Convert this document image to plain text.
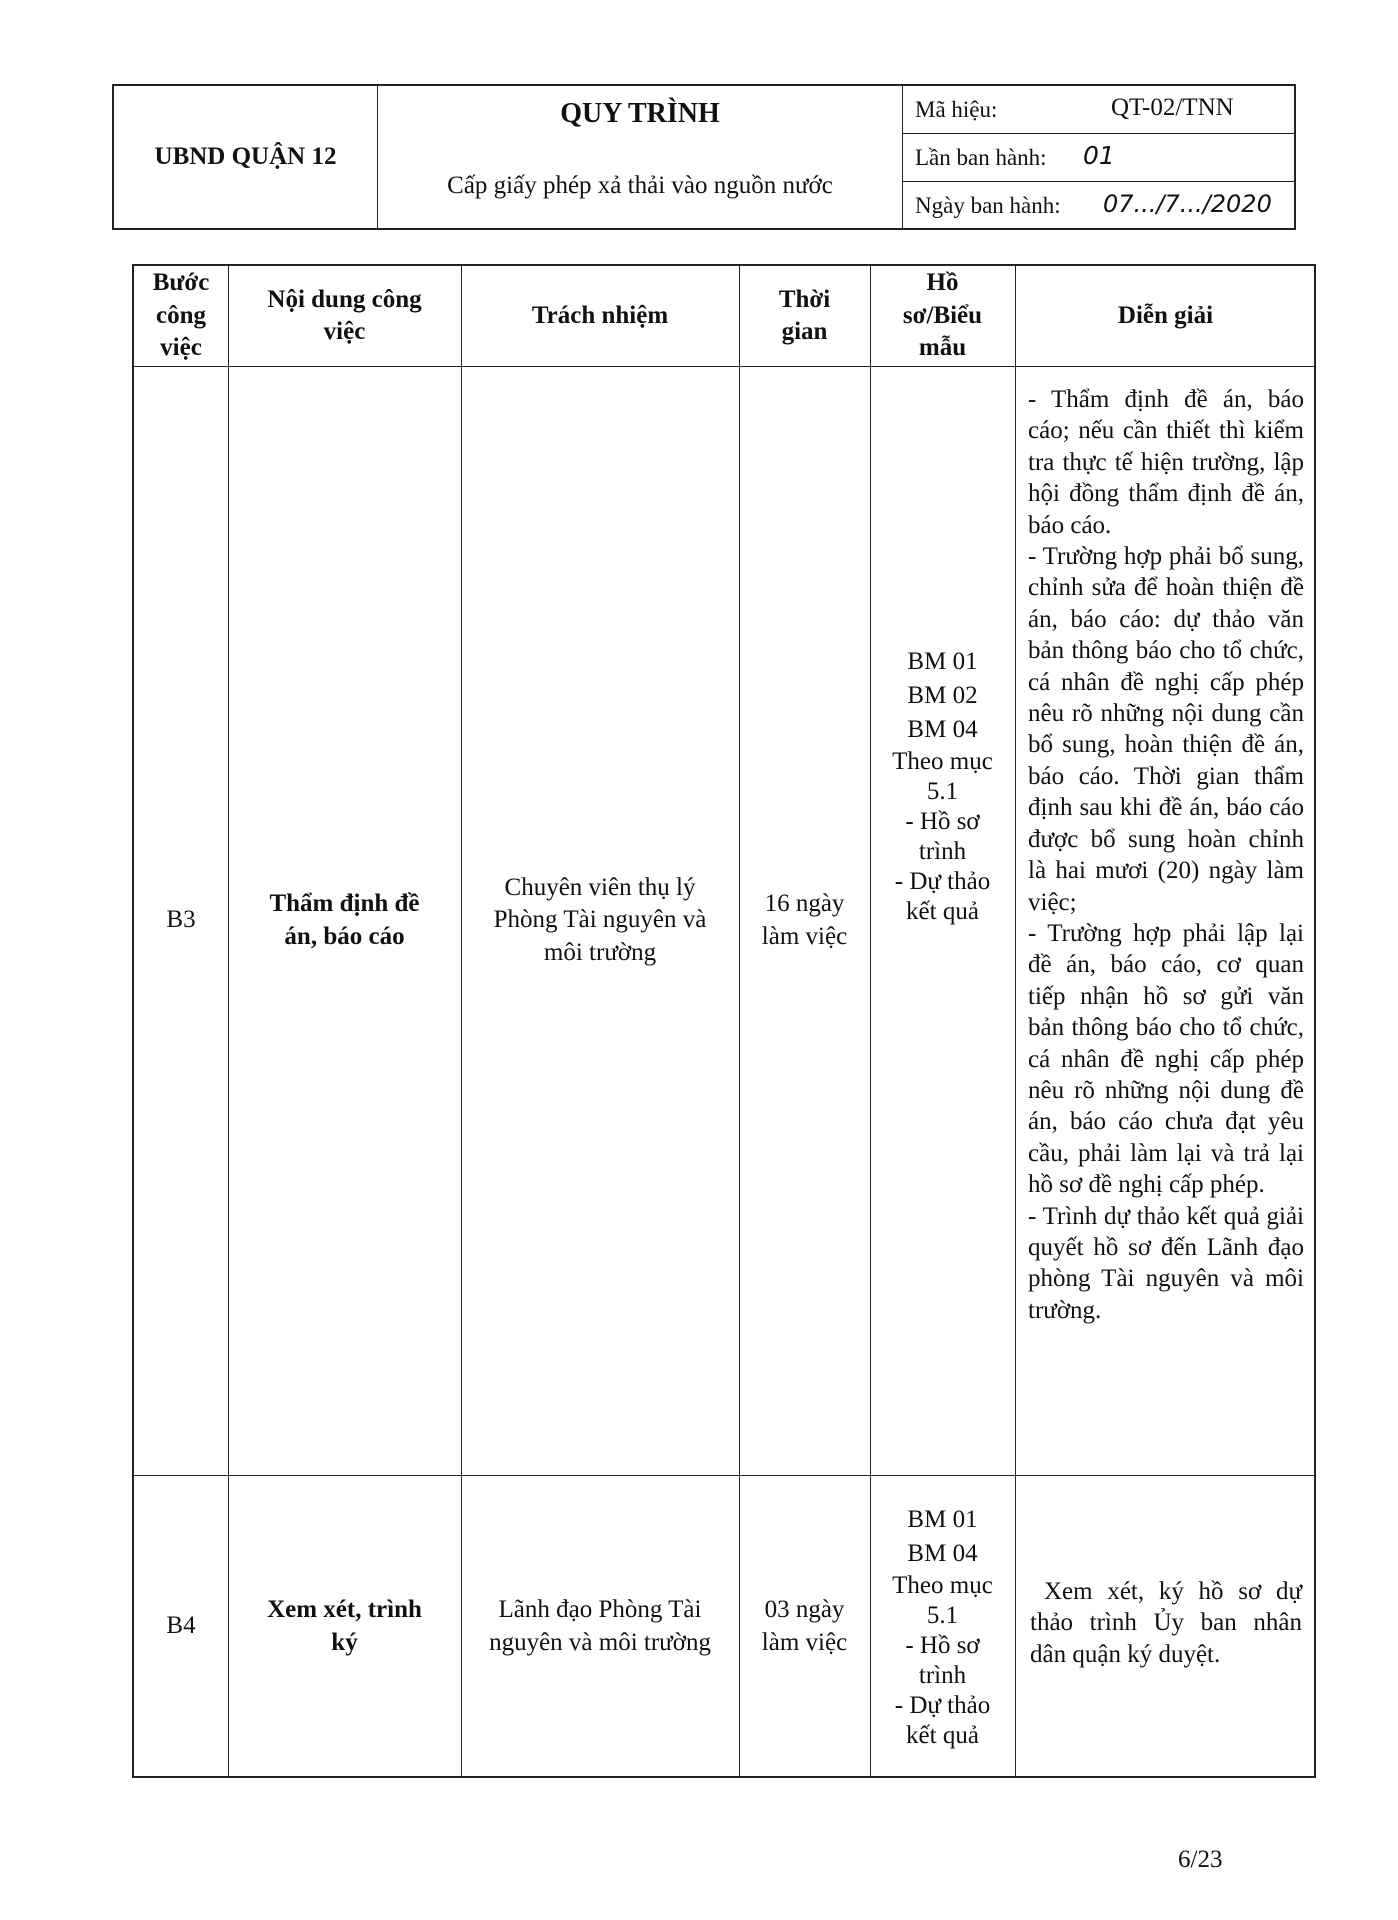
UBND QUẬN 12
QUY TRÌNH
Cấp giấy phép xả thải vào nguồn nước
Mã hiệu:	QT-02/TNN
Lần ban hành: 01
Ngày ban hành: 07.../7.../2020
Bước công việc
Nội dung công việc
Trách nhiệm
Thời gian
Hồ sơ/Biểu mẫu
Diễn giải
B3
Thẩm định đề án, báo cáo
Chuyên viên thụ lý Phòng Tài nguyên và môi trường
16 ngày làm việc
BM 01
BM 02
BM 04
Theo mục 5.1
- Hồ sơ trình
- Dự thảo kết quả

- Thẩm định đề án, báo cáo; nếu cần thiết thì kiểm tra thực tế hiện trường, lập hội đồng thẩm định đề án, báo cáo.

- Trường hợp phải bổ sung, chỉnh sửa để hoàn thiện đề án, báo cáo: dự thảo văn bản thông báo cho tổ chức, cá nhân đề nghị cấp phép nêu rõ những nội dung cần bổ sung, hoàn thiện đề án, báo cáo. Thời gian thẩm định sau khi đề án, báo cáo được bổ sung hoàn chỉnh là hai mươi (20) ngày làm việc;

- Trường hợp phải lập lại đề án, báo cáo, cơ quan tiếp nhận hồ sơ gửi văn bản thông báo cho tổ chức, cá nhân đề nghị cấp phép nêu rõ những nội dung đề án, báo cáo chưa đạt yêu cầu, phải làm lại và trả lại hồ sơ đề nghị cấp phép.

- Trình dự thảo kết quả giải quyết hồ sơ đến Lãnh đạo phòng Tài nguyên và môi trường.

B4
Xem xét, trình ký
Lãnh đạo Phòng Tài nguyên và môi trường
03 ngày làm việc
BM 01
BM 04
Theo mục 5.1
- Hồ sơ trình
- Dự thảo kết quả

Xem xét, ký hồ sơ dự thảo trình Ủy ban nhân dân quận ký duyệt.

6/23
